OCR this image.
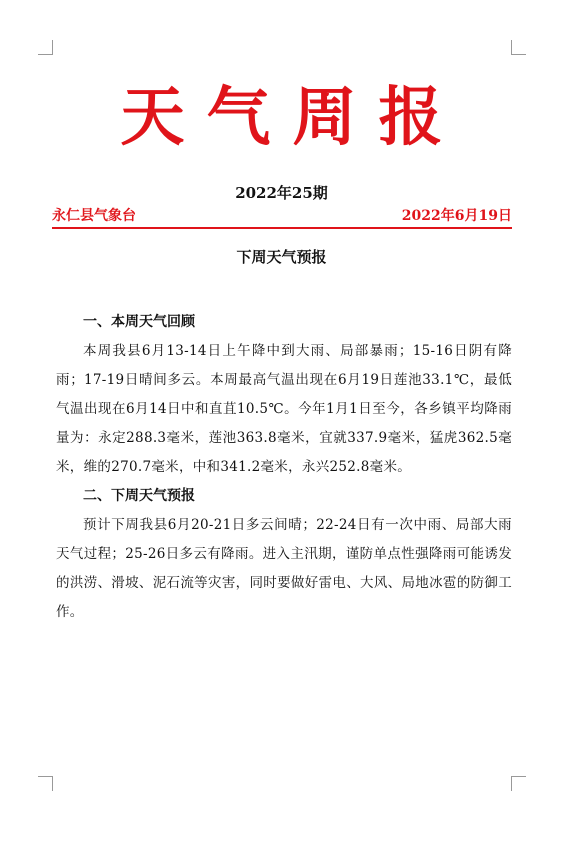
天气周报
2022年25期
永仁县气象台	2022年6月19日
下周天气预报

一、本周天气回顾

本周我县6月13-14日上午降中到大雨、局部暴雨；15-16日阴有降雨；17-19日晴间多云。本周最高气温出现在6月19日莲池33.1℃，最低气温出现在6月14日中和直苴10.5℃。今年1月1日至今，各乡镇平均降雨量为：永定288.3毫米，莲池363.8毫米，宜就337.9毫米，猛虎362.5毫米，维的270.7毫米，中和341.2毫米，永兴252.8毫米。

二、下周天气预报

预计下周我县6月20-21日多云间晴；22-24日有一次中雨、局部大雨天气过程；25-26日多云有降雨。进入主汛期，谨防单点性强降雨可能诱发的洪涝、滑坡、泥石流等灾害，同时要做好雷电、大风、局地冰雹的防御工作。
